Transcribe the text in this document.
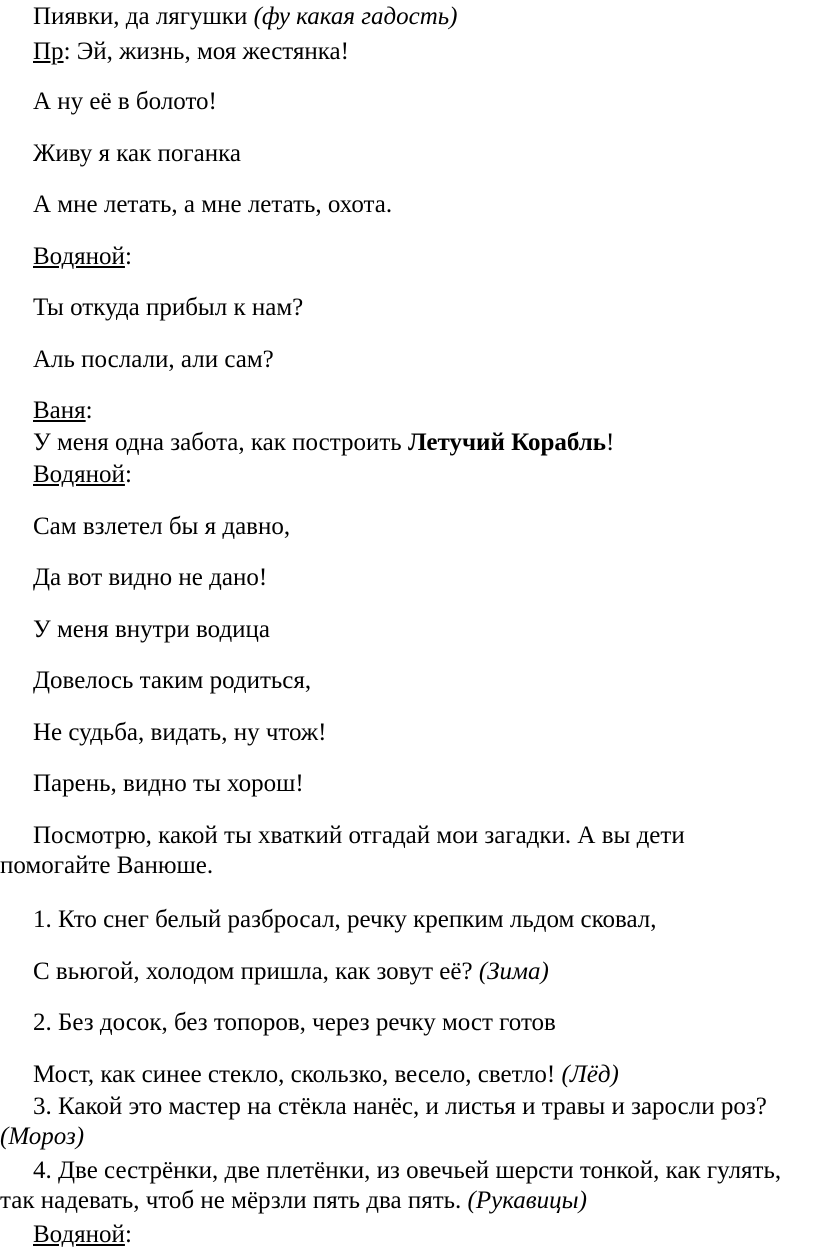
Пиявки, да лягушки (фу какая гадость)
Пр: Эй, жизнь, моя жестянка!
А ну её в болото!
Живу я как поганка
А мне летать, а мне летать, охота.
Водяной:
Ты откуда прибыл к нам?
Аль послали, али сам?
Ваня:
У меня одна забота, как построить Летучий Корабль!
Водяной:
Сам взлетел бы я давно,
Да вот видно не дано!
У меня внутри водица
Довелось таким родиться,
Не судьба, видать, ну чтож!
Парень, видно ты хорош!
Посмотрю, какой ты хваткий отгадай мои загадки. А вы дети помогайте Ванюше.
1. Кто снег белый разбросал, речку крепким льдом сковал,
С вьюгой, холодом пришла, как зовут её? (Зима)
2. Без досок, без топоров, через речку мост готов
Мост, как синее стекло, скользко, весело, светло! (Лёд)
3. Какой это мастер на стёкла нанёс, и листья и травы и заросли роз? (Мороз)
4. Две сестрёнки, две плетёнки, из овечьей шерсти тонкой, как гулять, так надевать, чтоб не мёрзли пять два пять. (Рукавицы)
Водяной:
